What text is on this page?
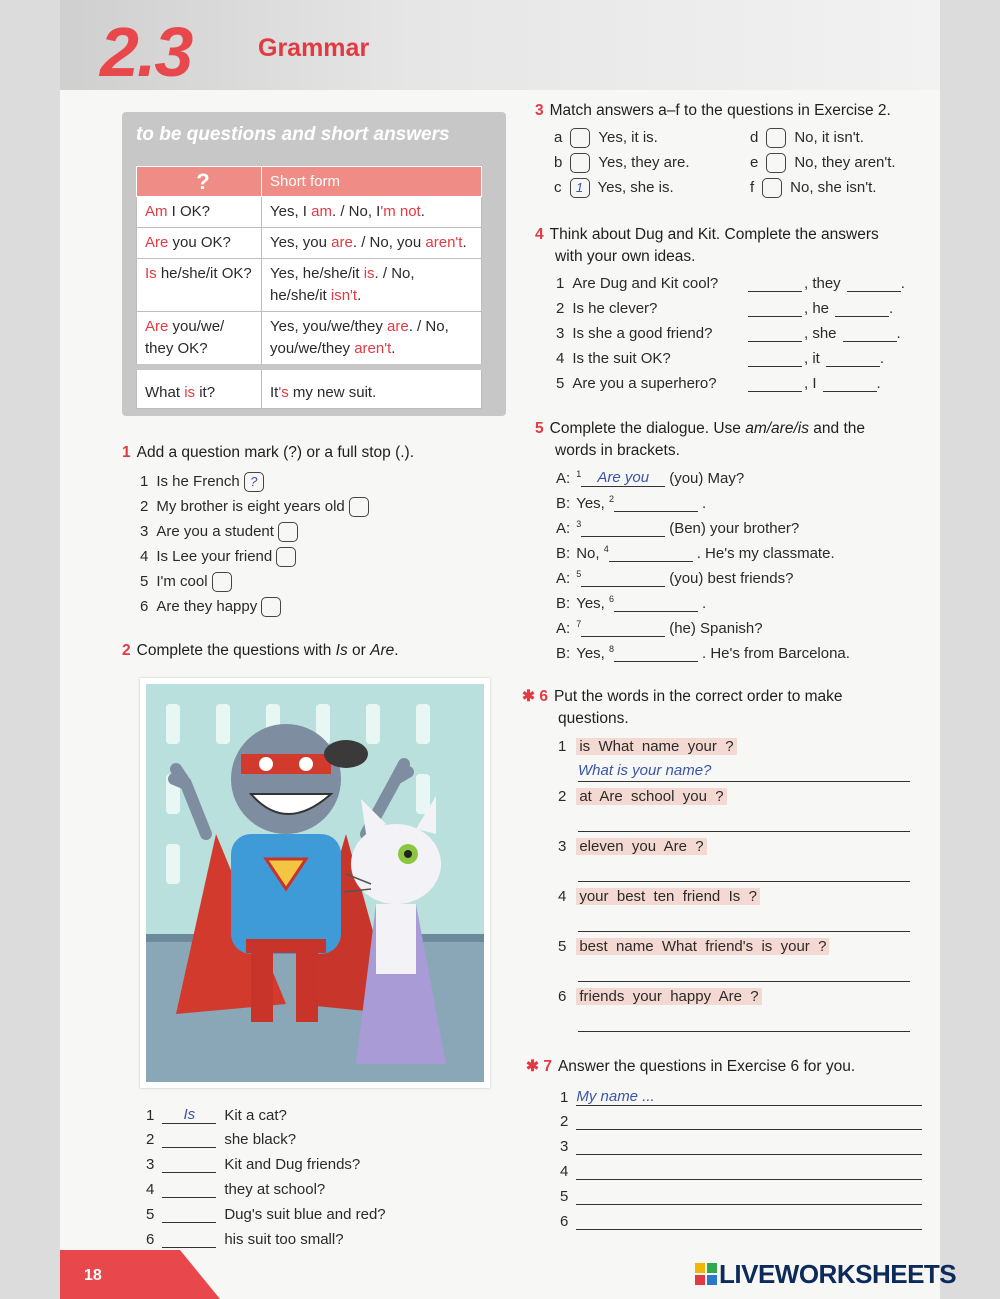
2.3	Grammar
to be questions and short answers
?	Short form
Am I OK?	Yes, I am. / No, I'm not.
Are you OK?	Yes, you are. / No, you aren't.
Is he/she/it OK?	Yes, he/she/it is. / No, he/she/it isn't.
Are you/we/ they OK?	Yes, you/we/they are. / No, you/we/they aren't.
What is it?	It's my new suit.
1 Add a question mark (?) or a full stop (.).
1 Is he French ?
2 My brother is eight years old
3 Are you a student
4 Is Lee your friend
5 I'm cool
6 Are they happy
2 Complete the questions with Is or Are.
1 Is Kit a cat?
2	she black?
3	Kit and Dug friends?
4	they at school?
5	Dug's suit blue and red?
6	his suit too small?
3 Match answers a–f to the questions in Exercise 2.
a Yes, it is.
b Yes, they are.
c 1 Yes, she is.
d No, it isn't.
e No, they aren't.
f No, she isn't.
4 Think about Dug and Kit. Complete the answers
with your own ideas.
1 Are Dug and Kit cool?	, they	.
2 Is he clever?	, he	.
3 Is she a good friend?	, she	.
4 Is the suit OK?	, it	.
5 Are you a superhero?	, I	.
5 Complete the dialogue. Use am/are/is and the
words in brackets.
A: $^1$ Are you (you) May?
B: Yes, $^2$	.
A: $^3$	(Ben) your brother?
B: No, $^4$	. He's my classmate.
A: $^5$	(you) best friends?
B: Yes, $^6$	.
A: $^7$	(he) Spanish?
B: Yes, $^8$	. He's from Barcelona.
✱ 6 Put the words in the correct order to make
questions.
1 is  What  name  your  ?
What is your name?
2 at  Are  school  you  ?
3 eleven  you  Are  ?
4 your  best  ten  friend  Is  ?
5 best  name  What  friend's  is  your  ?
6 friends  your  happy  Are  ?
✱ 7 Answer the questions in Exercise 6 for you.
1 My name ...
2
3
4
5
6
18	LIVEWORKSHEETS
